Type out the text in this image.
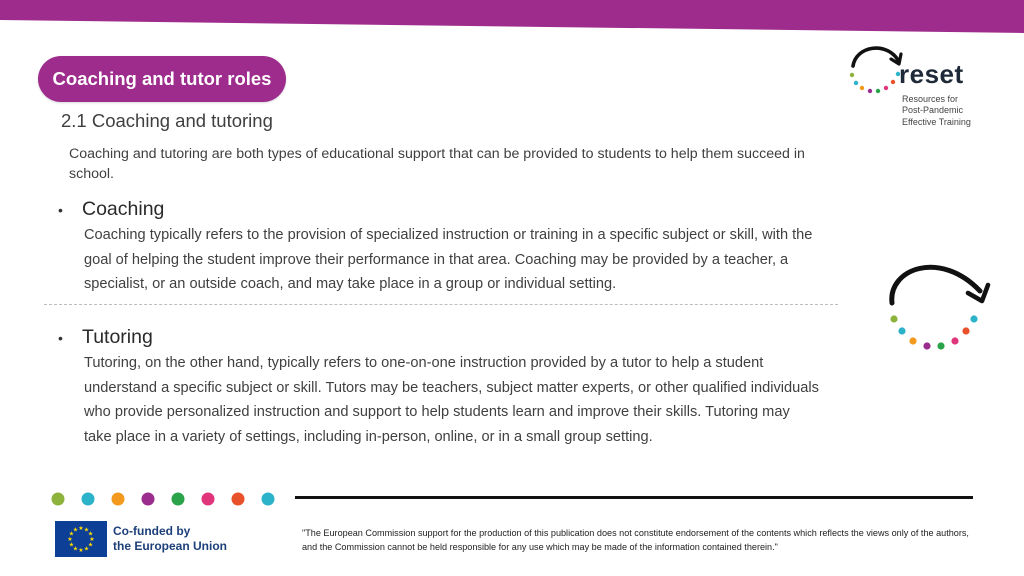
Coaching and tutor roles
2.1 Coaching and tutoring
Coaching and tutoring are both types of educational support that can be provided to students to help them succeed in school.
• Coaching
Coaching typically refers to the provision of specialized instruction or training in a specific subject or skill, with the goal of helping the student improve their performance in that area. Coaching may be provided by a teacher, a specialist, or an outside coach, and may take place in a group or individual setting.
• Tutoring
Tutoring, on the other hand, typically refers to one-on-one instruction provided by a tutor to help a student understand a specific subject or skill. Tutors may be teachers, subject matter experts, or other qualified individuals who provide personalized instruction and support to help students learn and improve their skills. Tutoring may take place in a variety of settings, including in-person, online, or in a small group setting.
reset
Resources for
Post-Pandemic
Effective Training
★
★
★
★
★
★
★
★
★ ★ ★
★ Co-funded by
the European Union
"The European Commission support for the production of this publication does not constitute endorsement of the contents which reflects the views only of the authors, and the Commission cannot be held responsible for any use which may be made of the information contained therein."
